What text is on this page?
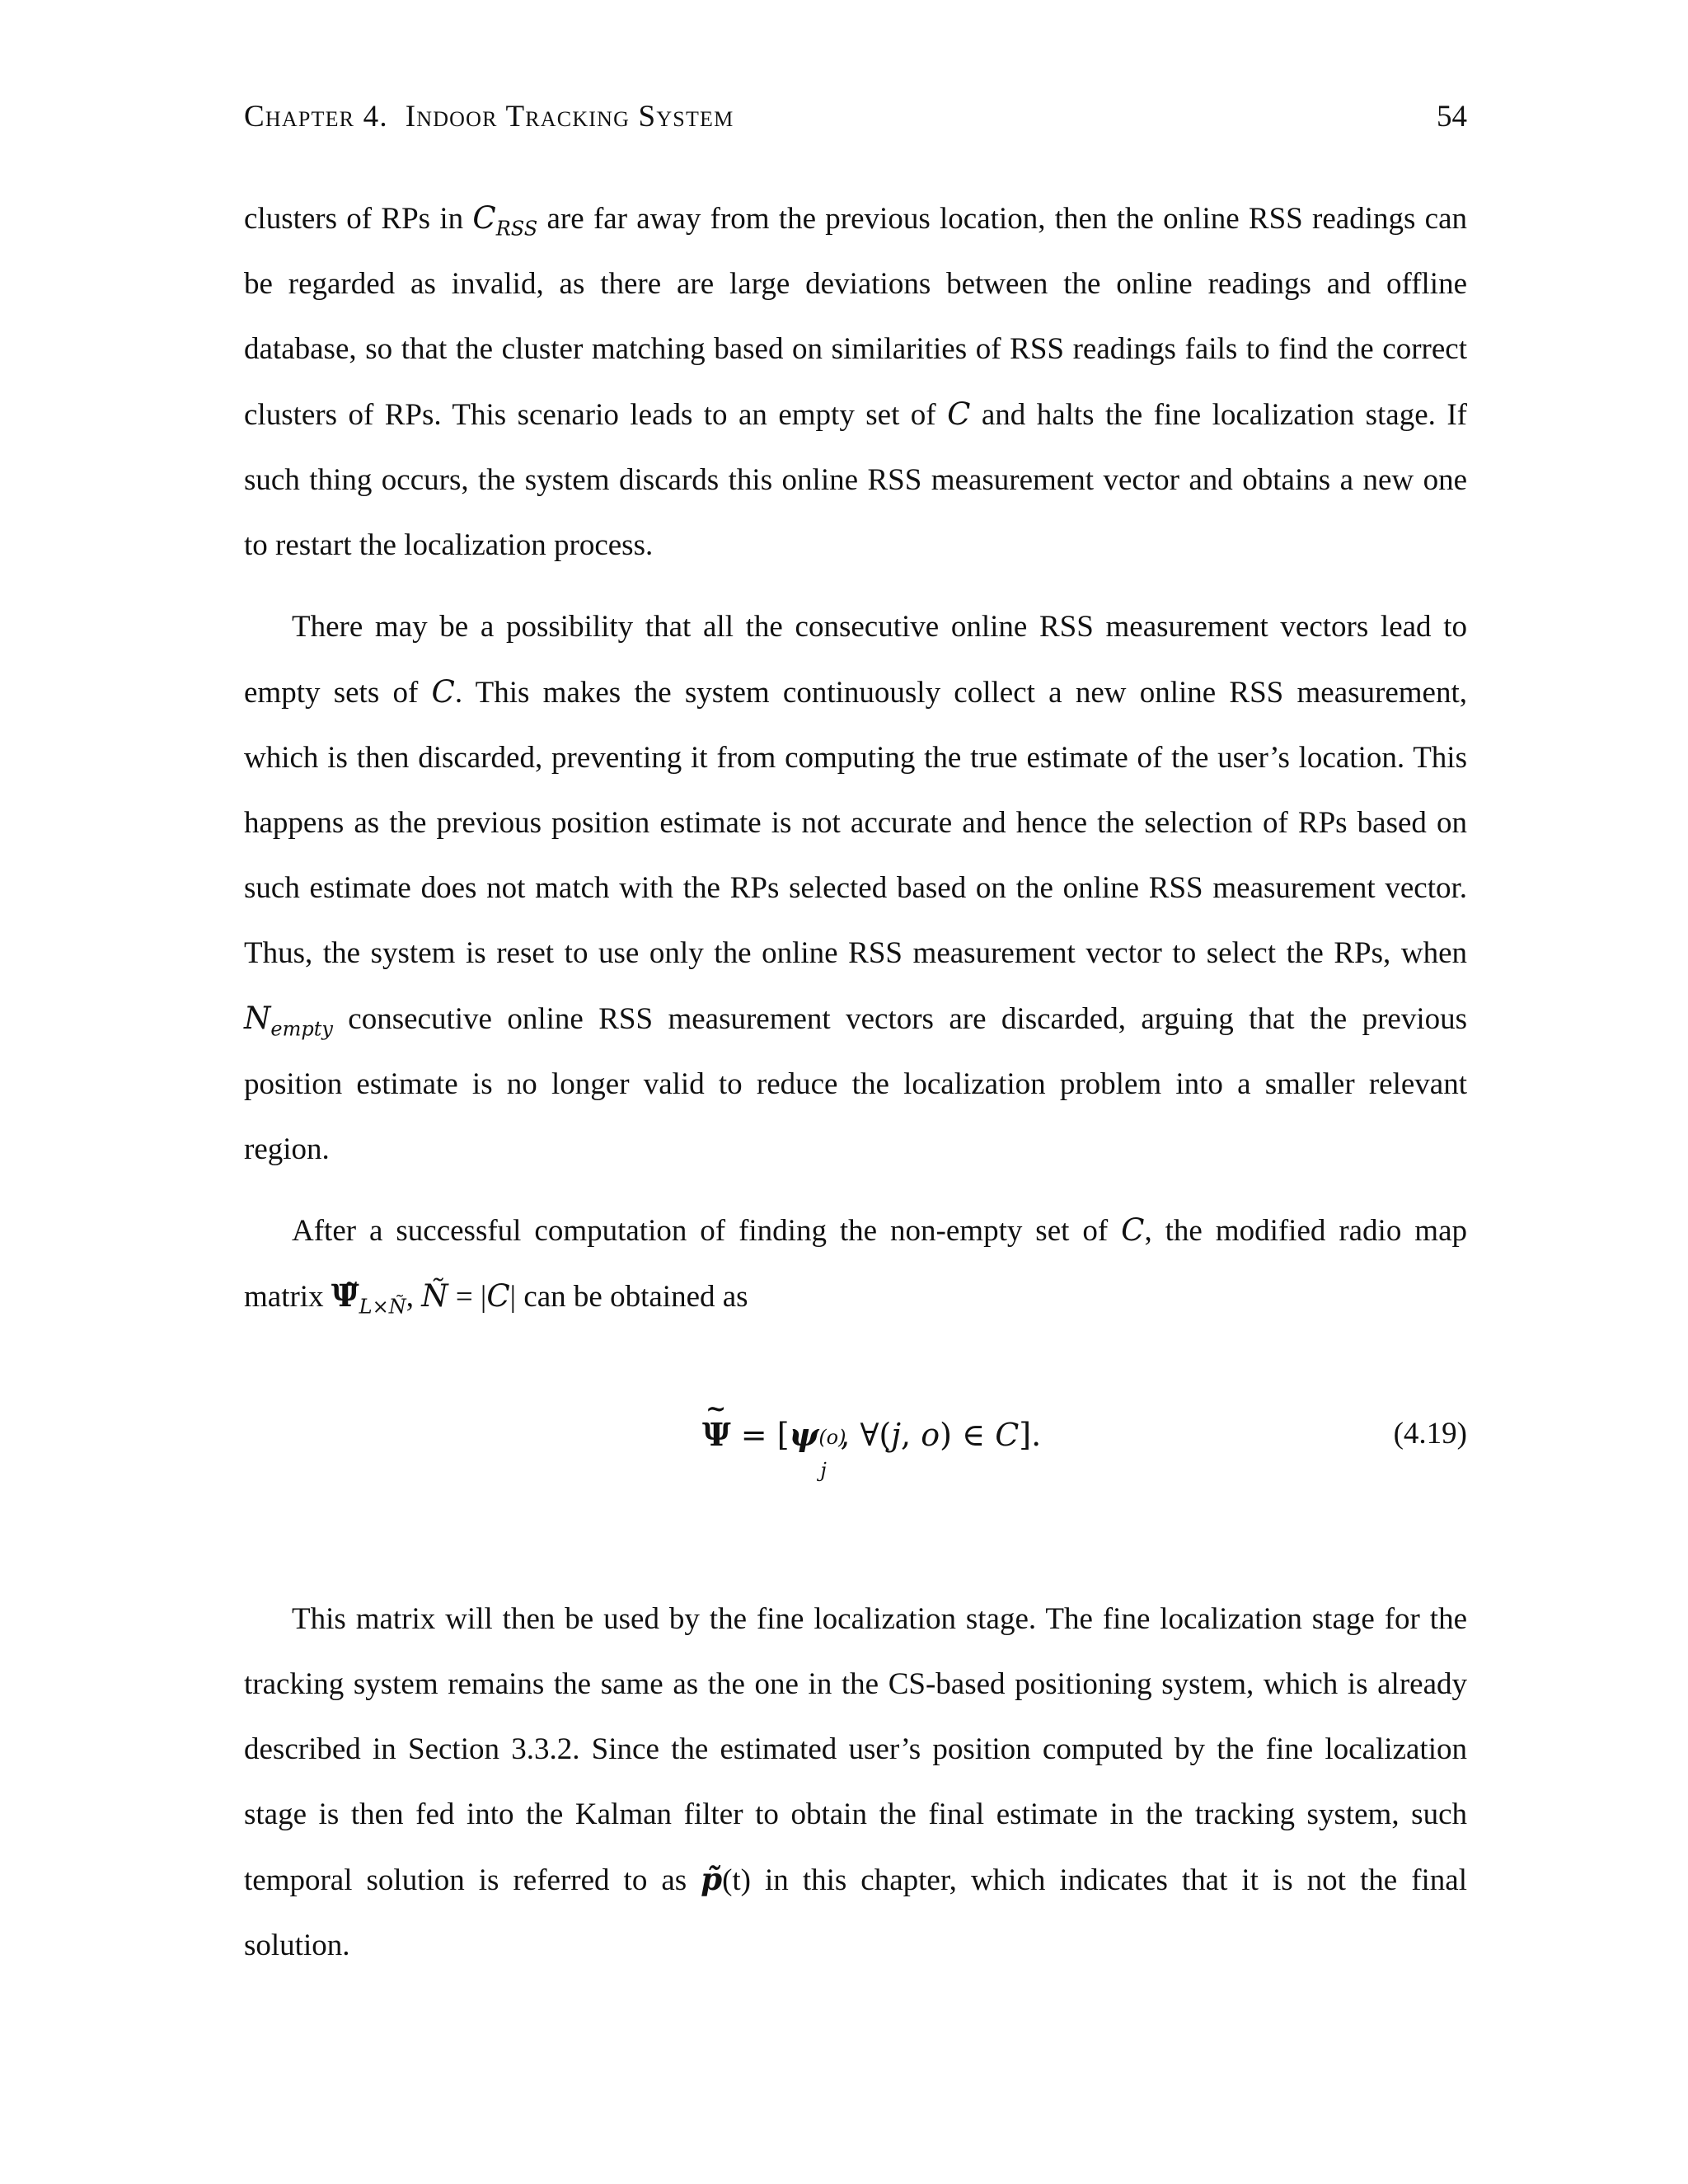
Chapter 4. Indoor Tracking System	54

clusters of RPs in $C_{RSS}$ are far away from the previous location, then the online RSS readings can be regarded as invalid, as there are large deviations between the online readings and offline database, so that the cluster matching based on similarities of RSS readings fails to find the correct clusters of RPs. This scenario leads to an empty set of C and halts the fine localization stage. If such thing occurs, the system discards this online RSS measurement vector and obtains a new one to restart the localization process.

There may be a possibility that all the consecutive online RSS measurement vectors lead to empty sets of C. This makes the system continuously collect a new online RSS measurement, which is then discarded, preventing it from computing the true estimate of the user’s location. This happens as the previous position estimate is not accurate and hence the selection of RPs based on such estimate does not match with the RPs selected based on the online RSS measurement vector. Thus, the system is reset to use only the online RSS measurement vector to select the RPs, when $N_{empty}$ consecutive online RSS measurement vectors are discarded, arguing that the previous position estimate is no longer valid to reduce the localization problem into a smaller relevant region.

After a successful computation of finding the non-empty set of C, the modified radio map matrix $\Psĩ_{L\times Ñ}$, Ñ = |C| can be obtained as

~
Ψ = [ψ (o)
j
, ∀(j, o) ∈ C].	(4.19)

This matrix will then be used by the fine localization stage. The fine localization stage for the tracking system remains the same as the one in the CS-based positioning system, which is already described in Section 3.3.2. Since the estimated user’s position computed by the fine localization stage is then fed into the Kalman filter to obtain the final estimate in the tracking system, such temporal solution is referred to as p̃(t) in this chapter, which indicates that it is not the final solution.
